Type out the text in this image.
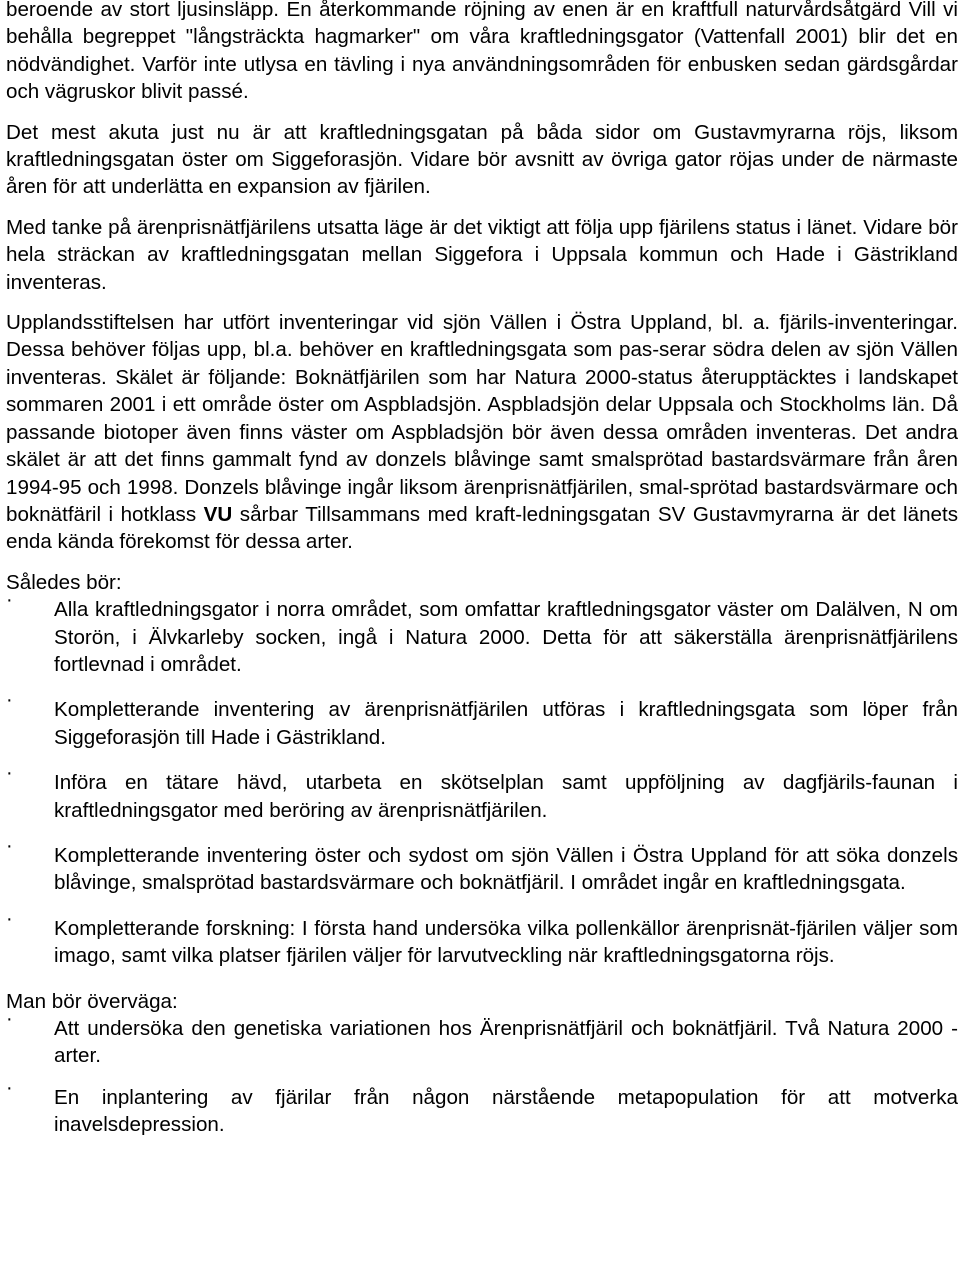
beroende av stort ljusinsläpp. En återkommande röjning av enen är en kraftfull naturvårdsåtgärd Vill vi behålla begreppet "långsträckta hagmarker" om våra kraftledningsgator (Vattenfall 2001) blir det en nödvändighet. Varför inte utlysa en tävling i nya användningsområden för enbusken sedan gärdsgårdar och vägruskor blivit passé.

Det mest akuta just nu är att kraftledningsgatan på båda sidor om Gustavmyrarna röjs, liksom kraftledningsgatan öster om Siggeforasjön. Vidare bör avsnitt av övriga gator röjas under de närmaste åren för att underlätta en expansion av fjärilen.

Med tanke på ärenprisnätfjärilens utsatta läge är det viktigt att följa upp fjärilens status i länet. Vidare bör hela sträckan av kraftledningsgatan mellan Siggefora i Uppsala kommun och Hade i Gästrikland inventeras.

Upplandsstiftelsen har utfört inventeringar vid sjön Vällen i Östra Uppland, bl. a. fjärils-inventeringar. Dessa behöver följas upp, bl.a. behöver en kraftledningsgata som pas-serar södra delen av sjön Vällen inventeras. Skälet är följande: Boknätfjärilen som har Natura 2000-status återupptäcktes i landskapet sommaren 2001 i ett område öster om Aspbladsjön. Aspbladsjön delar Uppsala och Stockholms län. Då passande biotoper även finns väster om Aspbladsjön bör även dessa områden inventeras. Det andra skälet är att det finns gammalt fynd av donzels blåvinge samt smalsprötad bastardsvärmare från åren 1994-95 och 1998. Donzels blåvinge ingår liksom ärenprisnätfjärilen, smal-sprötad bastardsvärmare och boknätfäril i hotklass VU sårbar Tillsammans med kraft-ledningsgatan SV Gustavmyrarna är det länets enda kända förekomst för dessa arter.

Således bör:

· Alla kraftledningsgator i norra området, som omfattar kraftledningsgator väster om Dalälven, N om Storön, i Älvkarleby socken, ingå i Natura 2000. Detta för att säkerställa ärenprisnätfjärilens fortlevnad i området.
· Kompletterande inventering av ärenprisnätfjärilen utföras i kraftledningsgata som löper från Siggeforasjön till Hade i Gästrikland.
· Införa en tätare hävd, utarbeta en skötselplan samt uppföljning av dagfjärils-faunan i kraftledningsgator med beröring av ärenprisnätfjärilen.
· Kompletterande inventering öster och sydost om sjön Vällen i Östra Uppland för att söka donzels blåvinge, smalsprötad bastardsvärmare och boknätfjäril. I området ingår en kraftledningsgata.
· Kompletterande forskning: I första hand undersöka vilka pollenkällor ärenprisnät-fjärilen väljer som imago, samt vilka platser fjärilen väljer för larvutveckling när kraftledningsgatorna röjs.

Man bör överväga:

· Att undersöka den genetiska variationen hos Ärenprisnätfjäril och boknätfjäril. Två Natura 2000 - arter.
· En inplantering av fjärilar från någon närstående metapopulation för att motverka inavelsdepression.
